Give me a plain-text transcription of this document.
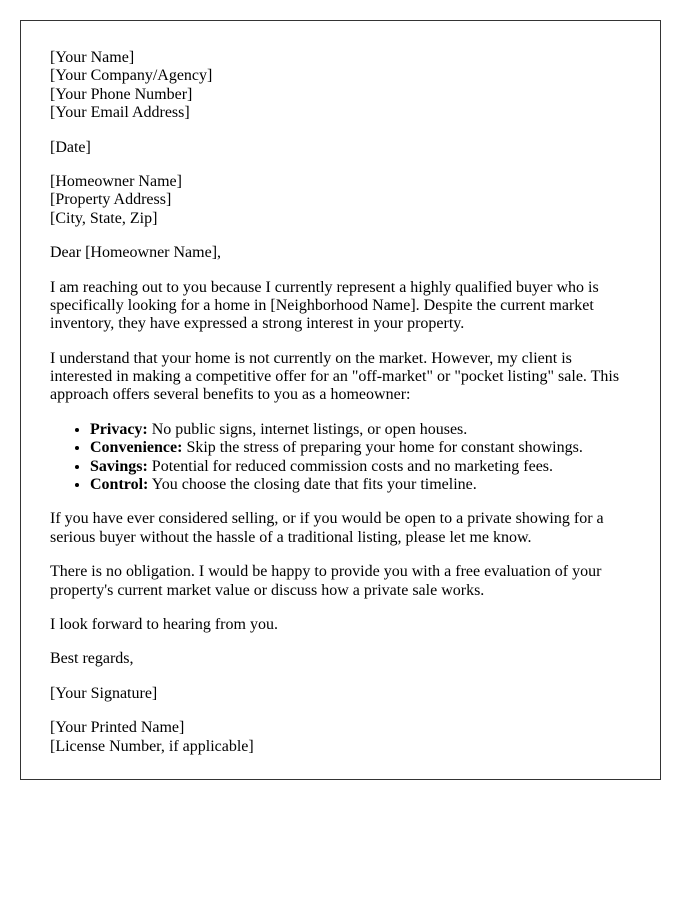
[Your Name]
[Your Company/Agency]
[Your Phone Number]
[Your Email Address]

[Date]

[Homeowner Name]
[Property Address]
[City, State, Zip]

Dear [Homeowner Name],

I am reaching out to you because I currently represent a highly qualified buyer who is specifically looking for a home in [Neighborhood Name]. Despite the current market inventory, they have expressed a strong interest in your property.

I understand that your home is not currently on the market. However, my client is interested in making a competitive offer for an "off-market" or "pocket listing" sale. This approach offers several benefits to you as a homeowner:

• Privacy: No public signs, internet listings, or open houses.
• Convenience: Skip the stress of preparing your home for constant showings.
• Savings: Potential for reduced commission costs and no marketing fees.
• Control: You choose the closing date that fits your timeline.

If you have ever considered selling, or if you would be open to a private showing for a serious buyer without the hassle of a traditional listing, please let me know.

There is no obligation. I would be happy to provide you with a free evaluation of your property's current market value or discuss how a private sale works.

I look forward to hearing from you.

Best regards,

[Your Signature]

[Your Printed Name]
[License Number, if applicable]
